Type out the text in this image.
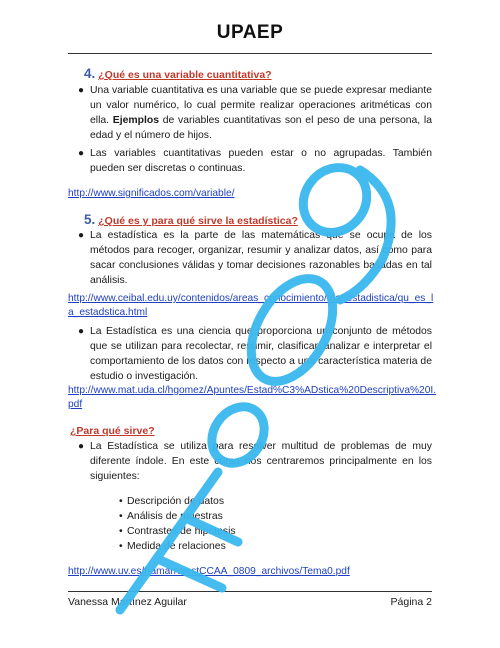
UPAEP
4. ¿Qué es una variable cuantitativa?
● Una variable cuantitativa es una variable que se puede expresar mediante un valor numérico, lo cual permite realizar operaciones aritméticas con ella. Ejemplos de variables cuantitativas son el peso de una persona, la edad y el número de hijos.
● Las variables cuantitativas pueden estar o no agrupadas. También pueden ser discretas o continuas.
http://www.significados.com/variable/
5. ¿Qué es y para qué sirve la estadística?
● La estadística es la parte de las matemáticas que se ocupa de los métodos para recoger, organizar, resumir y analizar datos, así como para sacar conclusiones válidas y tomar decisiones razonables basadas en tal análisis.
http://www.ceibal.edu.uy/contenidos/areas_conocimiento/mat/estadistica/qu_es_la_estadstica.html
● La Estadística es una ciencia que proporciona un conjunto de métodos que se utilizan para recolectar, resumir, clasificar, analizar e interpretar el comportamiento de los datos con respecto a una característica materia de estudio o investigación.
http://www.mat.uda.cl/hgomez/Apuntes/Estad%C3%ADstica%20Descriptiva%20I.pdf
¿Para qué sirve?
● La Estadística se utiliza para resolver multitud de problemas de muy diferente índole. En este curso nos centraremos principalmente en los siguientes:
• Descripción de datos
• Análisis de muestras
• Contrastes de hipótesis
• Medida de relaciones
http://www.uv.es/framarru/estCCAA_0809_archivos/Tema0.pdf
Vanessa Martínez Aguilar	Página 2
